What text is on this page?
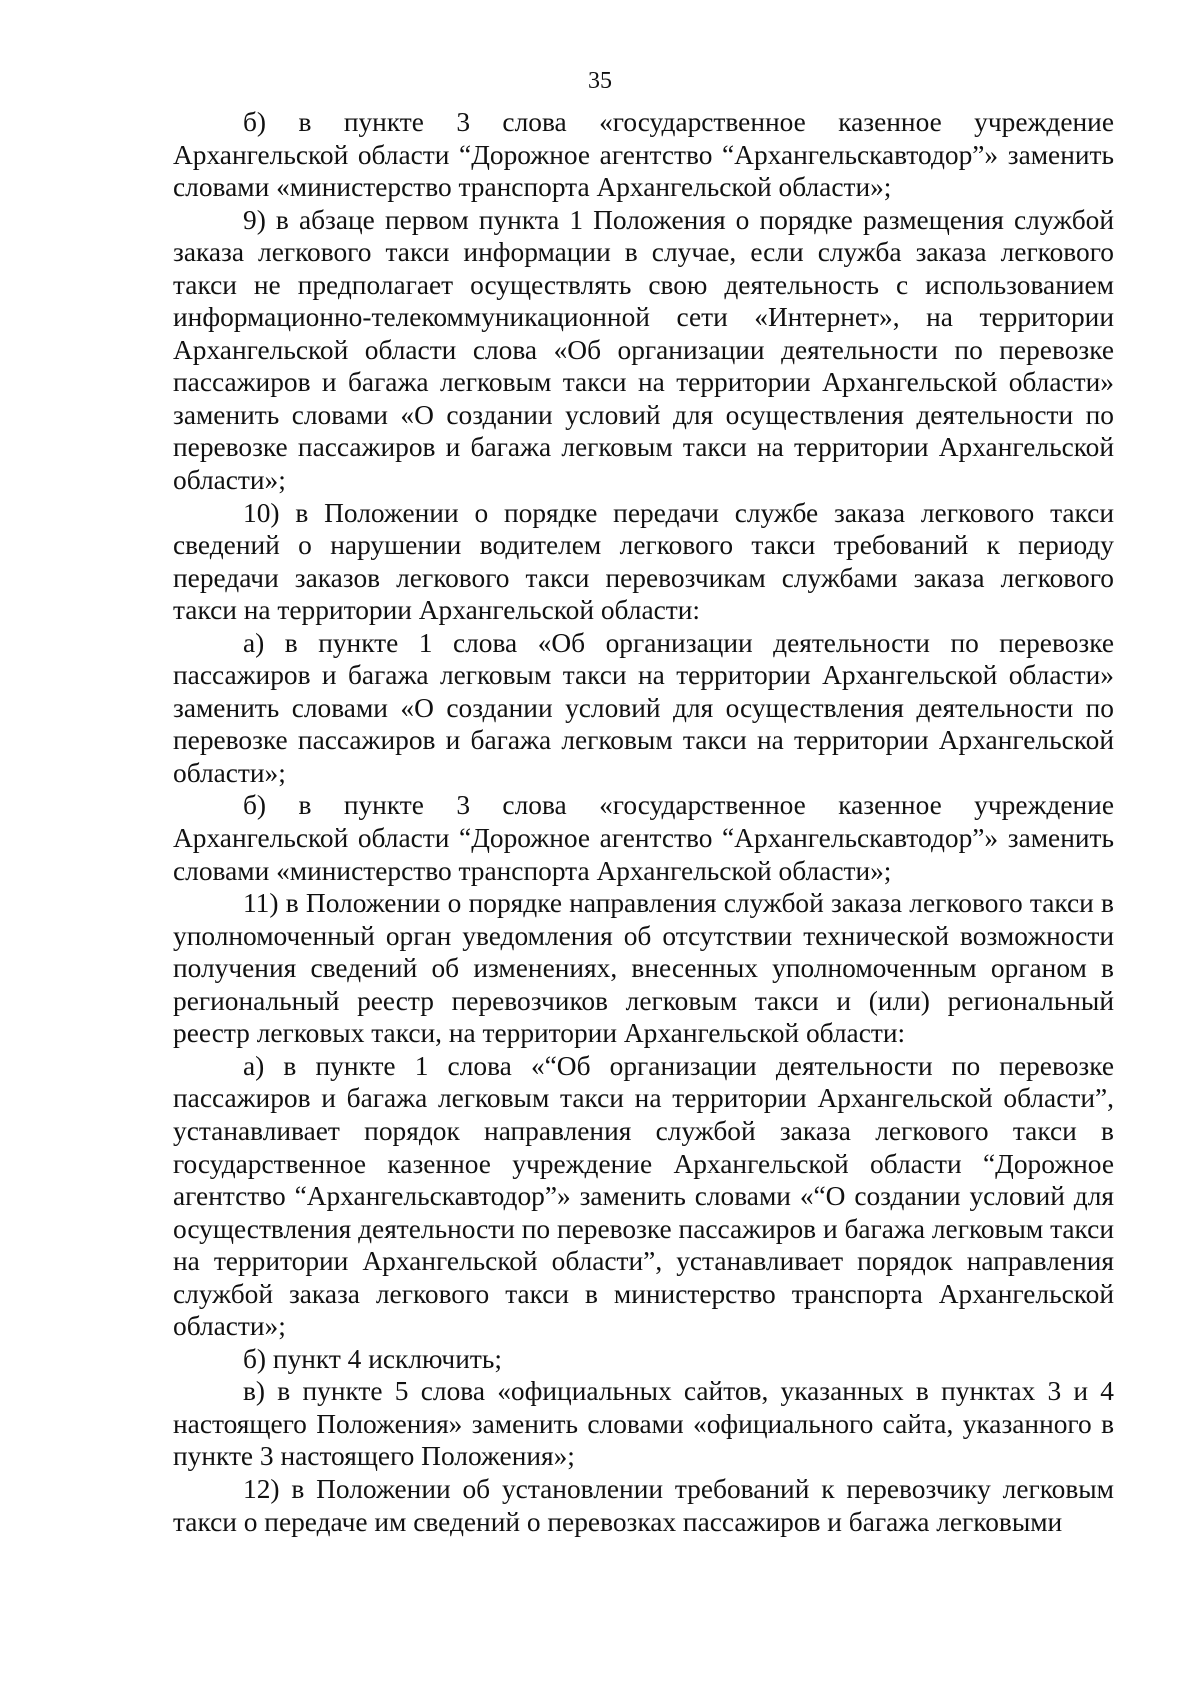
35

б) в пункте 3 слова «государственное казенное учреждение Архангельской области “Дорожное агентство “Архангельскавтодор”» заменить словами «министерство транспорта Архангельской области»;

9) в абзаце первом пункта 1 Положения о порядке размещения службой заказа легкового такси информации в случае, если служба заказа легкового такси не предполагает осуществлять свою деятельность с использованием информационно-телекоммуникационной сети «Интернет», на территории Архангельской области слова «Об организации деятельности по перевозке пассажиров и багажа легковым такси на территории Архангельской области» заменить словами «О создании условий для осуществления деятельности по перевозке пассажиров и багажа легковым такси на территории Архангельской области»;

10) в Положении о порядке передачи службе заказа легкового такси сведений о нарушении водителем легкового такси требований к периоду передачи заказов легкового такси перевозчикам службами заказа легкового такси на территории Архангельской области:

а) в пункте 1 слова «Об организации деятельности по перевозке пассажиров и багажа легковым такси на территории Архангельской области» заменить словами «О создании условий для осуществления деятельности по перевозке пассажиров и багажа легковым такси на территории Архангельской области»;

б) в пункте 3 слова «государственное казенное учреждение Архангельской области “Дорожное агентство “Архангельскавтодор”» заменить словами «министерство транспорта Архангельской области»;

11) в Положении о порядке направления службой заказа легкового такси в уполномоченный орган уведомления об отсутствии технической возможности получения сведений об изменениях, внесенных уполномоченным органом в региональный реестр перевозчиков легковым такси и (или) региональный реестр легковых такси, на территории Архангельской области:

а) в пункте 1 слова «“Об организации деятельности по перевозке пассажиров и багажа легковым такси на территории Архангельской области”, устанавливает порядок направления службой заказа легкового такси в государственное казенное учреждение Архангельской области “Дорожное агентство “Архангельскавтодор”» заменить словами «“О создании условий для осуществления деятельности по перевозке пассажиров и багажа легковым такси на территории Архангельской области”, устанавливает порядок направления службой заказа легкового такси в министерство транспорта Архангельской области»;

б) пункт 4 исключить;

в) в пункте 5 слова «официальных сайтов, указанных в пунктах 3 и 4 настоящего Положения» заменить словами «официального сайта, указанного в пункте 3 настоящего Положения»;

12) в Положении об установлении требований к перевозчику легковым такси о передаче им сведений о перевозках пассажиров и багажа легковыми
